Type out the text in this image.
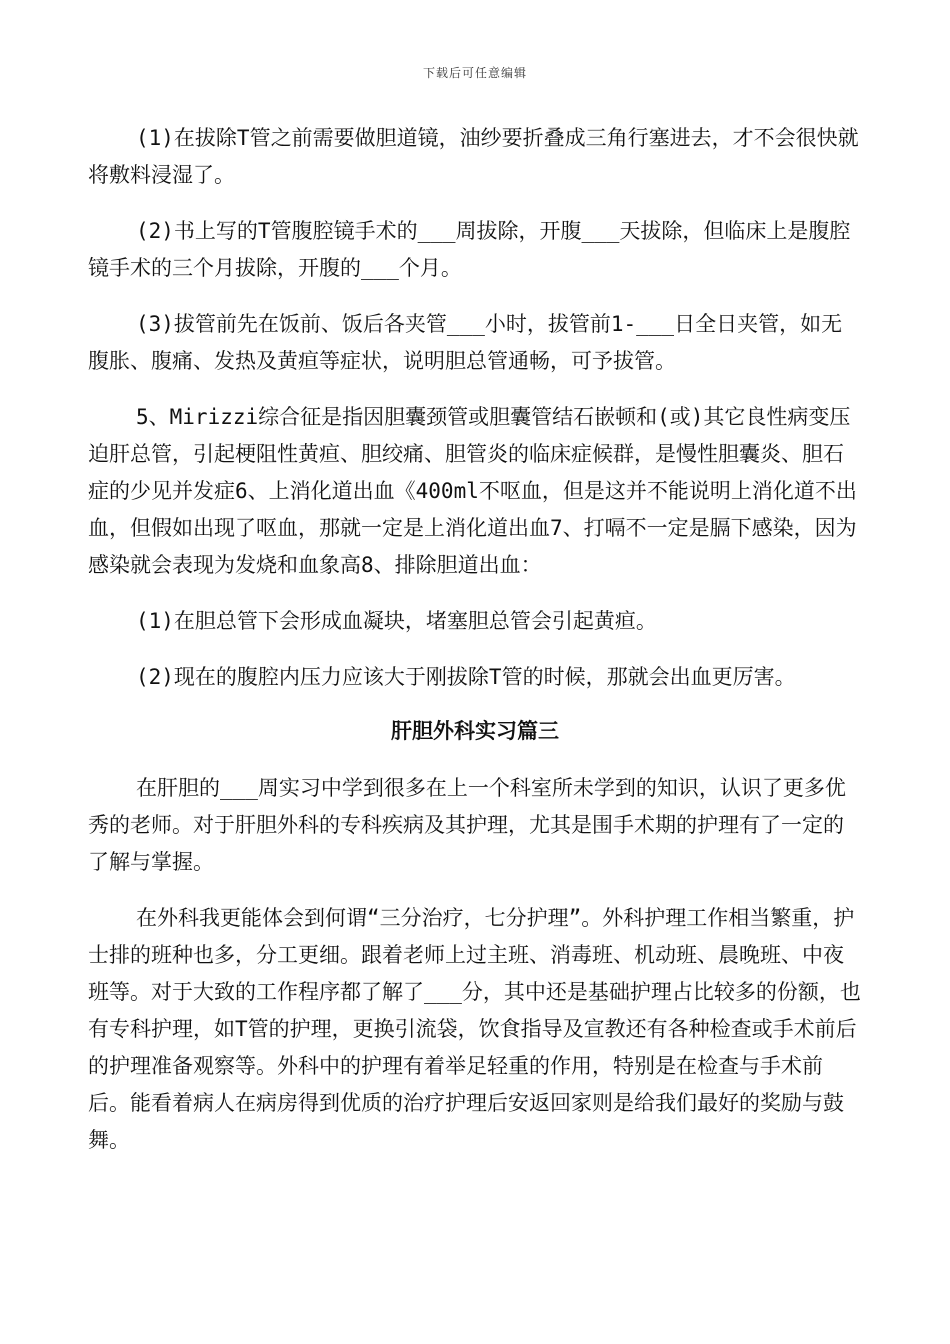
下载后可任意编辑

(1)在拔除T管之前需要做胆道镜，油纱要折叠成三角行塞进去，才不会很快就将敷料浸湿了。

(2)书上写的T管腹腔镜手术的___周拔除，开腹___天拔除，但临床上是腹腔镜手术的三个月拔除，开腹的___个月。

(3)拔管前先在饭前、饭后各夹管___小时，拔管前1-___日全日夹管，如无腹胀、腹痛、发热及黄疸等症状，说明胆总管通畅，可予拔管。

5、Mirizzi综合征是指因胆囊颈管或胆囊管结石嵌顿和(或)其它良性病变压迫肝总管，引起梗阻性黄疸、胆绞痛、胆管炎的临床症候群，是慢性胆囊炎、胆石症的少见并发症6、上消化道出血《400ml不呕血，但是这并不能说明上消化道不出血，但假如出现了呕血，那就一定是上消化道出血7、打嗝不一定是膈下感染，因为感染就会表现为发烧和血象高8、排除胆道出血：

(1)在胆总管下会形成血凝块，堵塞胆总管会引起黄疸。

(2)现在的腹腔内压力应该大于刚拔除T管的时候，那就会出血更厉害。

肝胆外科实习篇三

在肝胆的___周实习中学到很多在上一个科室所未学到的知识，认识了更多优秀的老师。对于肝胆外科的专科疾病及其护理，尤其是围手术期的护理有了一定的了解与掌握。

在外科我更能体会到何谓“三分治疗，七分护理”。外科护理工作相当繁重，护士排的班种也多，分工更细。跟着老师上过主班、消毒班、机动班、晨晚班、中夜班等。对于大致的工作程序都了解了___分，其中还是基础护理占比较多的份额，也有专科护理，如T管的护理，更换引流袋，饮食指导及宣教还有各种检查或手术前后的护理准备观察等。外科中的护理有着举足轻重的作用，特别是在检查与手术前后。能看着病人在病房得到优质的治疗护理后安返回家则是给我们最好的奖励与鼓舞。
